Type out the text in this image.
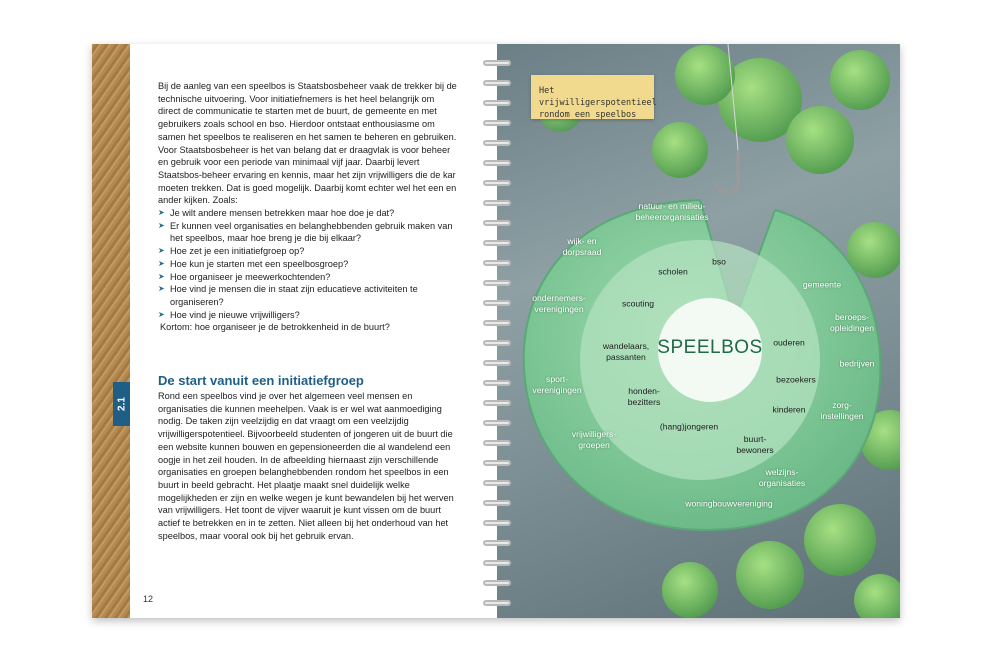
Bij de aanleg van een speelbos is Staatsbosbeheer vaak de trekker bij de technische uitvoering. Voor initiatiefnemers is het heel belangrijk om direct de communicatie te starten met de buurt, de gemeente en met gebruikers zoals school en bso. Hierdoor ontstaat enthousiasme om samen het speelbos te realiseren en het samen te beheren en gebruiken. Voor Staatsbosbeheer is het van belang dat er draagvlak is voor beheer en gebruik voor een periode van minimaal vijf jaar. Daarbij levert Staatsbos-beheer ervaring en kennis, maar het zijn vrijwilligers die de kar moeten trekken. Dat is goed mogelijk. Daarbij komt echter wel het een en ander kijken. Zoals:

➤ Je wilt andere mensen betrekken maar hoe doe je dat?
➤ Er kunnen veel organisaties en belanghebbenden gebruik maken van het speelbos, maar hoe breng je die bij elkaar?
➤ Hoe zet je een initiatiefgroep op?
➤ Hoe kun je starten met een speelbosgroep?
➤ Hoe organiseer je meewerkochtenden?
➤ Hoe vind je mensen die in staat zijn educatieve activiteiten te organiseren?
➤ Hoe vind je nieuwe vrijwilligers?

Kortom: hoe organiseer je de betrokkenheid in de buurt?

2.1
De start vanuit een initiatiefgroep

Rond een speelbos vind je over het algemeen veel mensen en organisaties die kunnen meehelpen. Vaak is er wel wat aanmoediging nodig. De taken zijn veelzijdig en dat vraagt om een veelzijdig vrijwilligerspotentieel. Bijvoorbeeld studenten of jongeren uit de buurt die een website kunnen bouwen en gepensioneerden die al wandelend een oogje in het zeil houden. In de afbeelding hiernaast zijn verschillende organisaties en groepen belanghebbenden rondom het speelbos in een buurt in beeld gebracht. Het plaatje maakt snel duidelijk welke mogelijkheden er zijn en welke wegen je kunt bewandelen bij het werven van vrijwilligers. Het toont de vijver waaruit je kunt vissen om de buurt actief te betrekken en in te zetten. Niet alleen bij het onderhoud van het speelbos, maar vooral ook bij het gebruik ervan.

12
Het vrijwilligerspotentieel rondom een speelbos
SPEELBOS
natuur- en milieu-
beheerorganisaties
wijk- en
dorpsraad
gemeente
ondernemers-
verenigingen
beroeps-
opleidingen
bedrijven
sport-
verenigingen
zorg-
instellingen
vrijwilligers-
groepen
welzijns-
organisaties
woningbouwvereniging
scholen
bso
scouting
wandelaars,
passanten
ouderen
bezoekers
honden-
bezitters
kinderen
(hang)jongeren
buurt-
bewoners
